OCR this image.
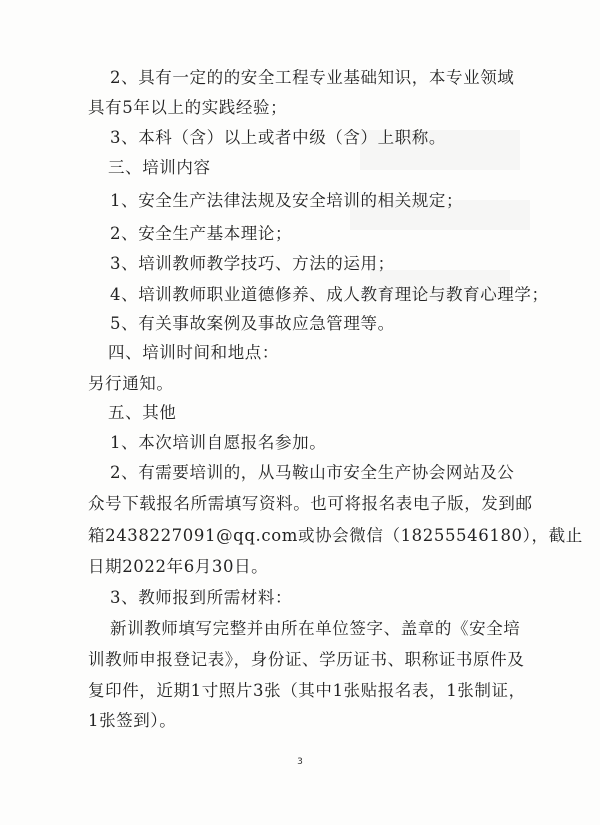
2、具有一定的的安全工程专业基础知识，本专业领域
具有5年以上的实践经验；
3、本科（含）以上或者中级（含）上职称。
三、培训内容
1、安全生产法律法规及安全培训的相关规定；
2、安全生产基本理论；
3、培训教师教学技巧、方法的运用；
4、培训教师职业道德修养、成人教育理论与教育心理学；
5、有关事故案例及事故应急管理等。
四、培训时间和地点：
另行通知。
五、其他
1、本次培训自愿报名参加。
2、有需要培训的，从马鞍山市安全生产协会网站及公
众号下载报名所需填写资料。也可将报名表电子版，发到邮
箱2438227091@qq.com或协会微信（18255546180），截止
日期2022年6月30日。
3、教师报到所需材料：
新训教师填写完整并由所在单位签字、盖章的《安全培
训教师申报登记表》，身份证、学历证书、职称证书原件及
复印件，近期1寸照片3张（其中1张贴报名表，1张制证，
1张签到）。
3
